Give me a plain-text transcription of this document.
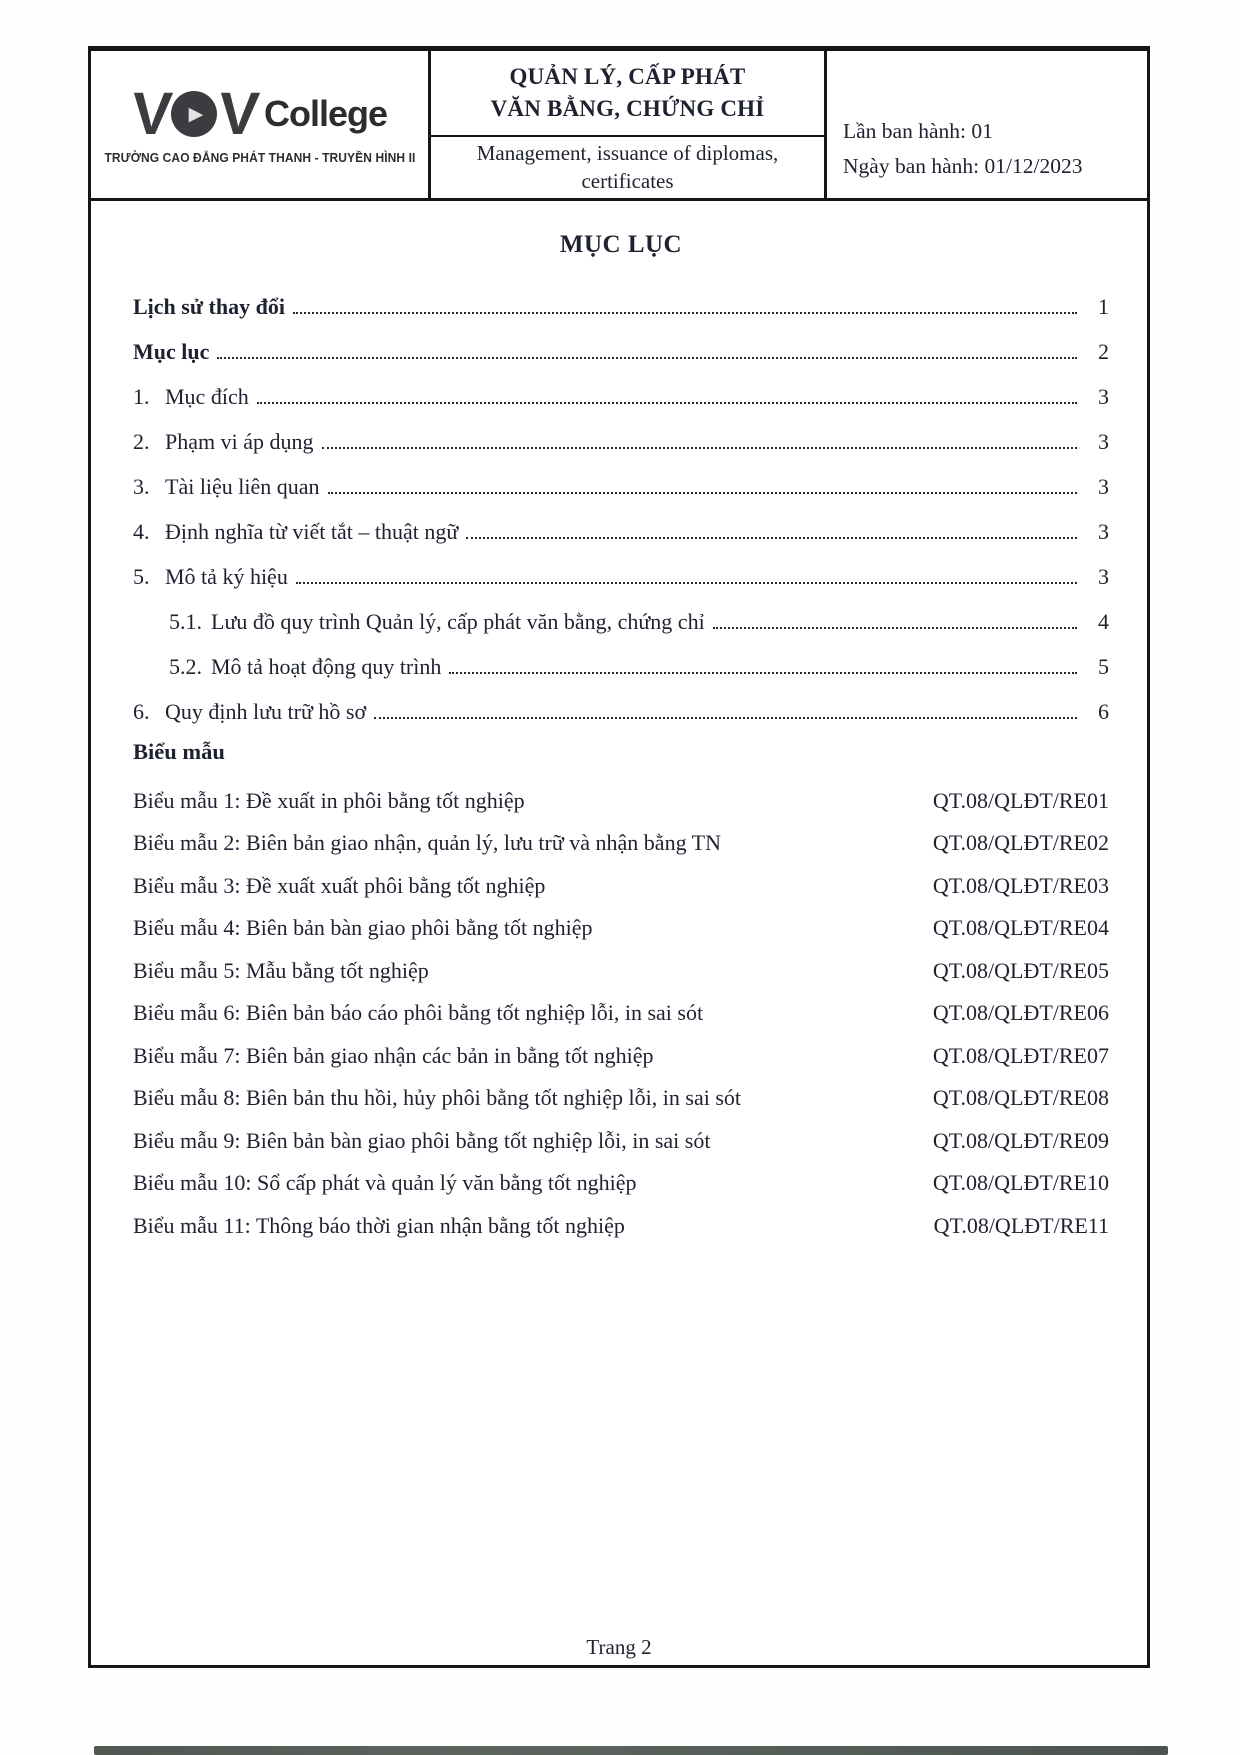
V ▶ V College
TRƯỜNG CAO ĐẲNG PHÁT THANH - TRUYỀN HÌNH II
QUẢN LÝ, CẤP PHÁT
VĂN BẰNG, CHỨNG CHỈ
Management, issuance of diplomas, certificates
Lần ban hành: 01
Ngày ban hành: 01/12/2023
MỤC LỤC
Lịch sử thay đổi	1
Mục lục	2
1. Mục đích	3
2. Phạm vi áp dụng	3
3. Tài liệu liên quan	3
4. Định nghĩa từ viết tắt – thuật ngữ	3
5. Mô tả ký hiệu	3
5.1. Lưu đồ quy trình Quản lý, cấp phát văn bằng, chứng chỉ	4
5.2. Mô tả hoạt động quy trình	5
6. Quy định lưu trữ hồ sơ	6
Biểu mẫu
Biểu mẫu 1: Đề xuất in phôi bằng tốt nghiệp	QT.08/QLĐT/RE01
Biểu mẫu 2: Biên bản giao nhận, quản lý, lưu trữ và nhận bằng TN	QT.08/QLĐT/RE02
Biểu mẫu 3: Đề xuất xuất phôi bằng tốt nghiệp	QT.08/QLĐT/RE03
Biểu mẫu 4: Biên bản bàn giao phôi bằng tốt nghiệp	QT.08/QLĐT/RE04
Biểu mẫu 5: Mẫu bằng tốt nghiệp	QT.08/QLĐT/RE05
Biểu mẫu 6: Biên bản báo cáo phôi bằng tốt nghiệp lỗi, in sai sót	QT.08/QLĐT/RE06
Biểu mẫu 7: Biên bản giao nhận các bản in bằng tốt nghiệp	QT.08/QLĐT/RE07
Biểu mẫu 8: Biên bản thu hồi, hủy phôi bằng tốt nghiệp lỗi, in sai sót	QT.08/QLĐT/RE08
Biểu mẫu 9: Biên bản bàn giao phôi bằng tốt nghiệp lỗi, in sai sót	QT.08/QLĐT/RE09
Biểu mẫu 10: Sổ cấp phát và quản lý văn bằng tốt nghiệp	QT.08/QLĐT/RE10
Biểu mẫu 11: Thông báo thời gian nhận bằng tốt nghiệp	QT.08/QLĐT/RE11
Trang 2
